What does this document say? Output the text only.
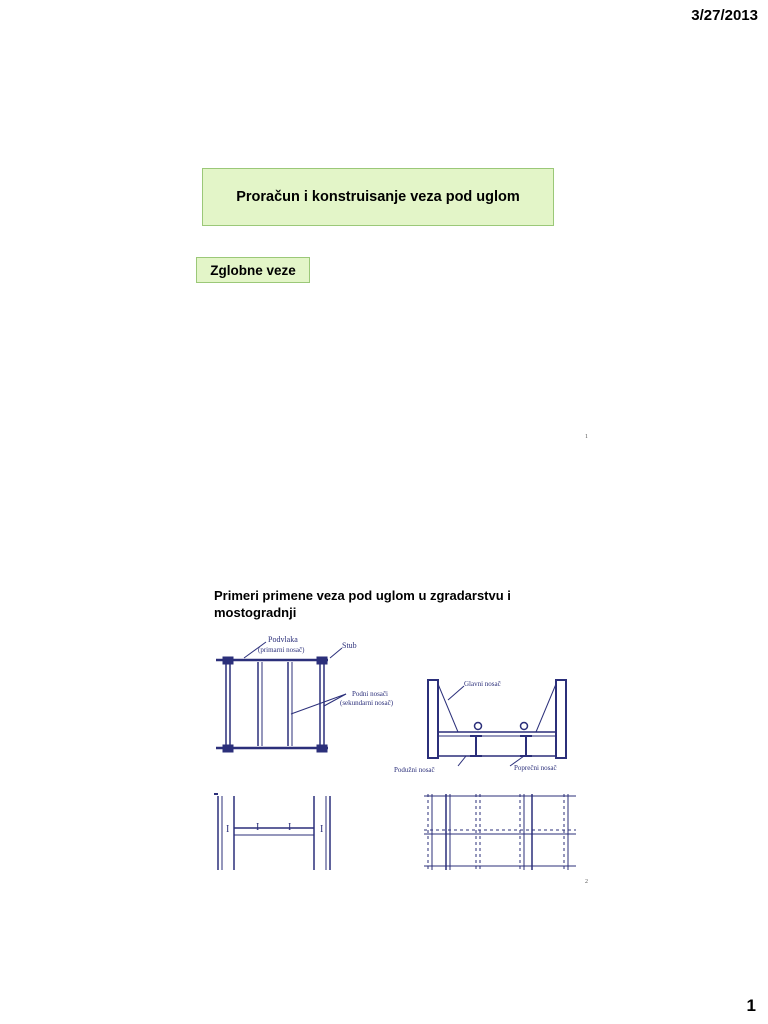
3/27/2013
Proračun i konstruisanje veza pod uglom
Zglobne veze
1
Primeri primene veza pod uglom u zgradarstvu i mostogradnji
I	I	I	I
Podvlaka
(primarni nosač)	Stub
Podni nosači
(sekundarni nosač)
Glavni nosač
Podužni nosač	Poprečni nosač
2
1
